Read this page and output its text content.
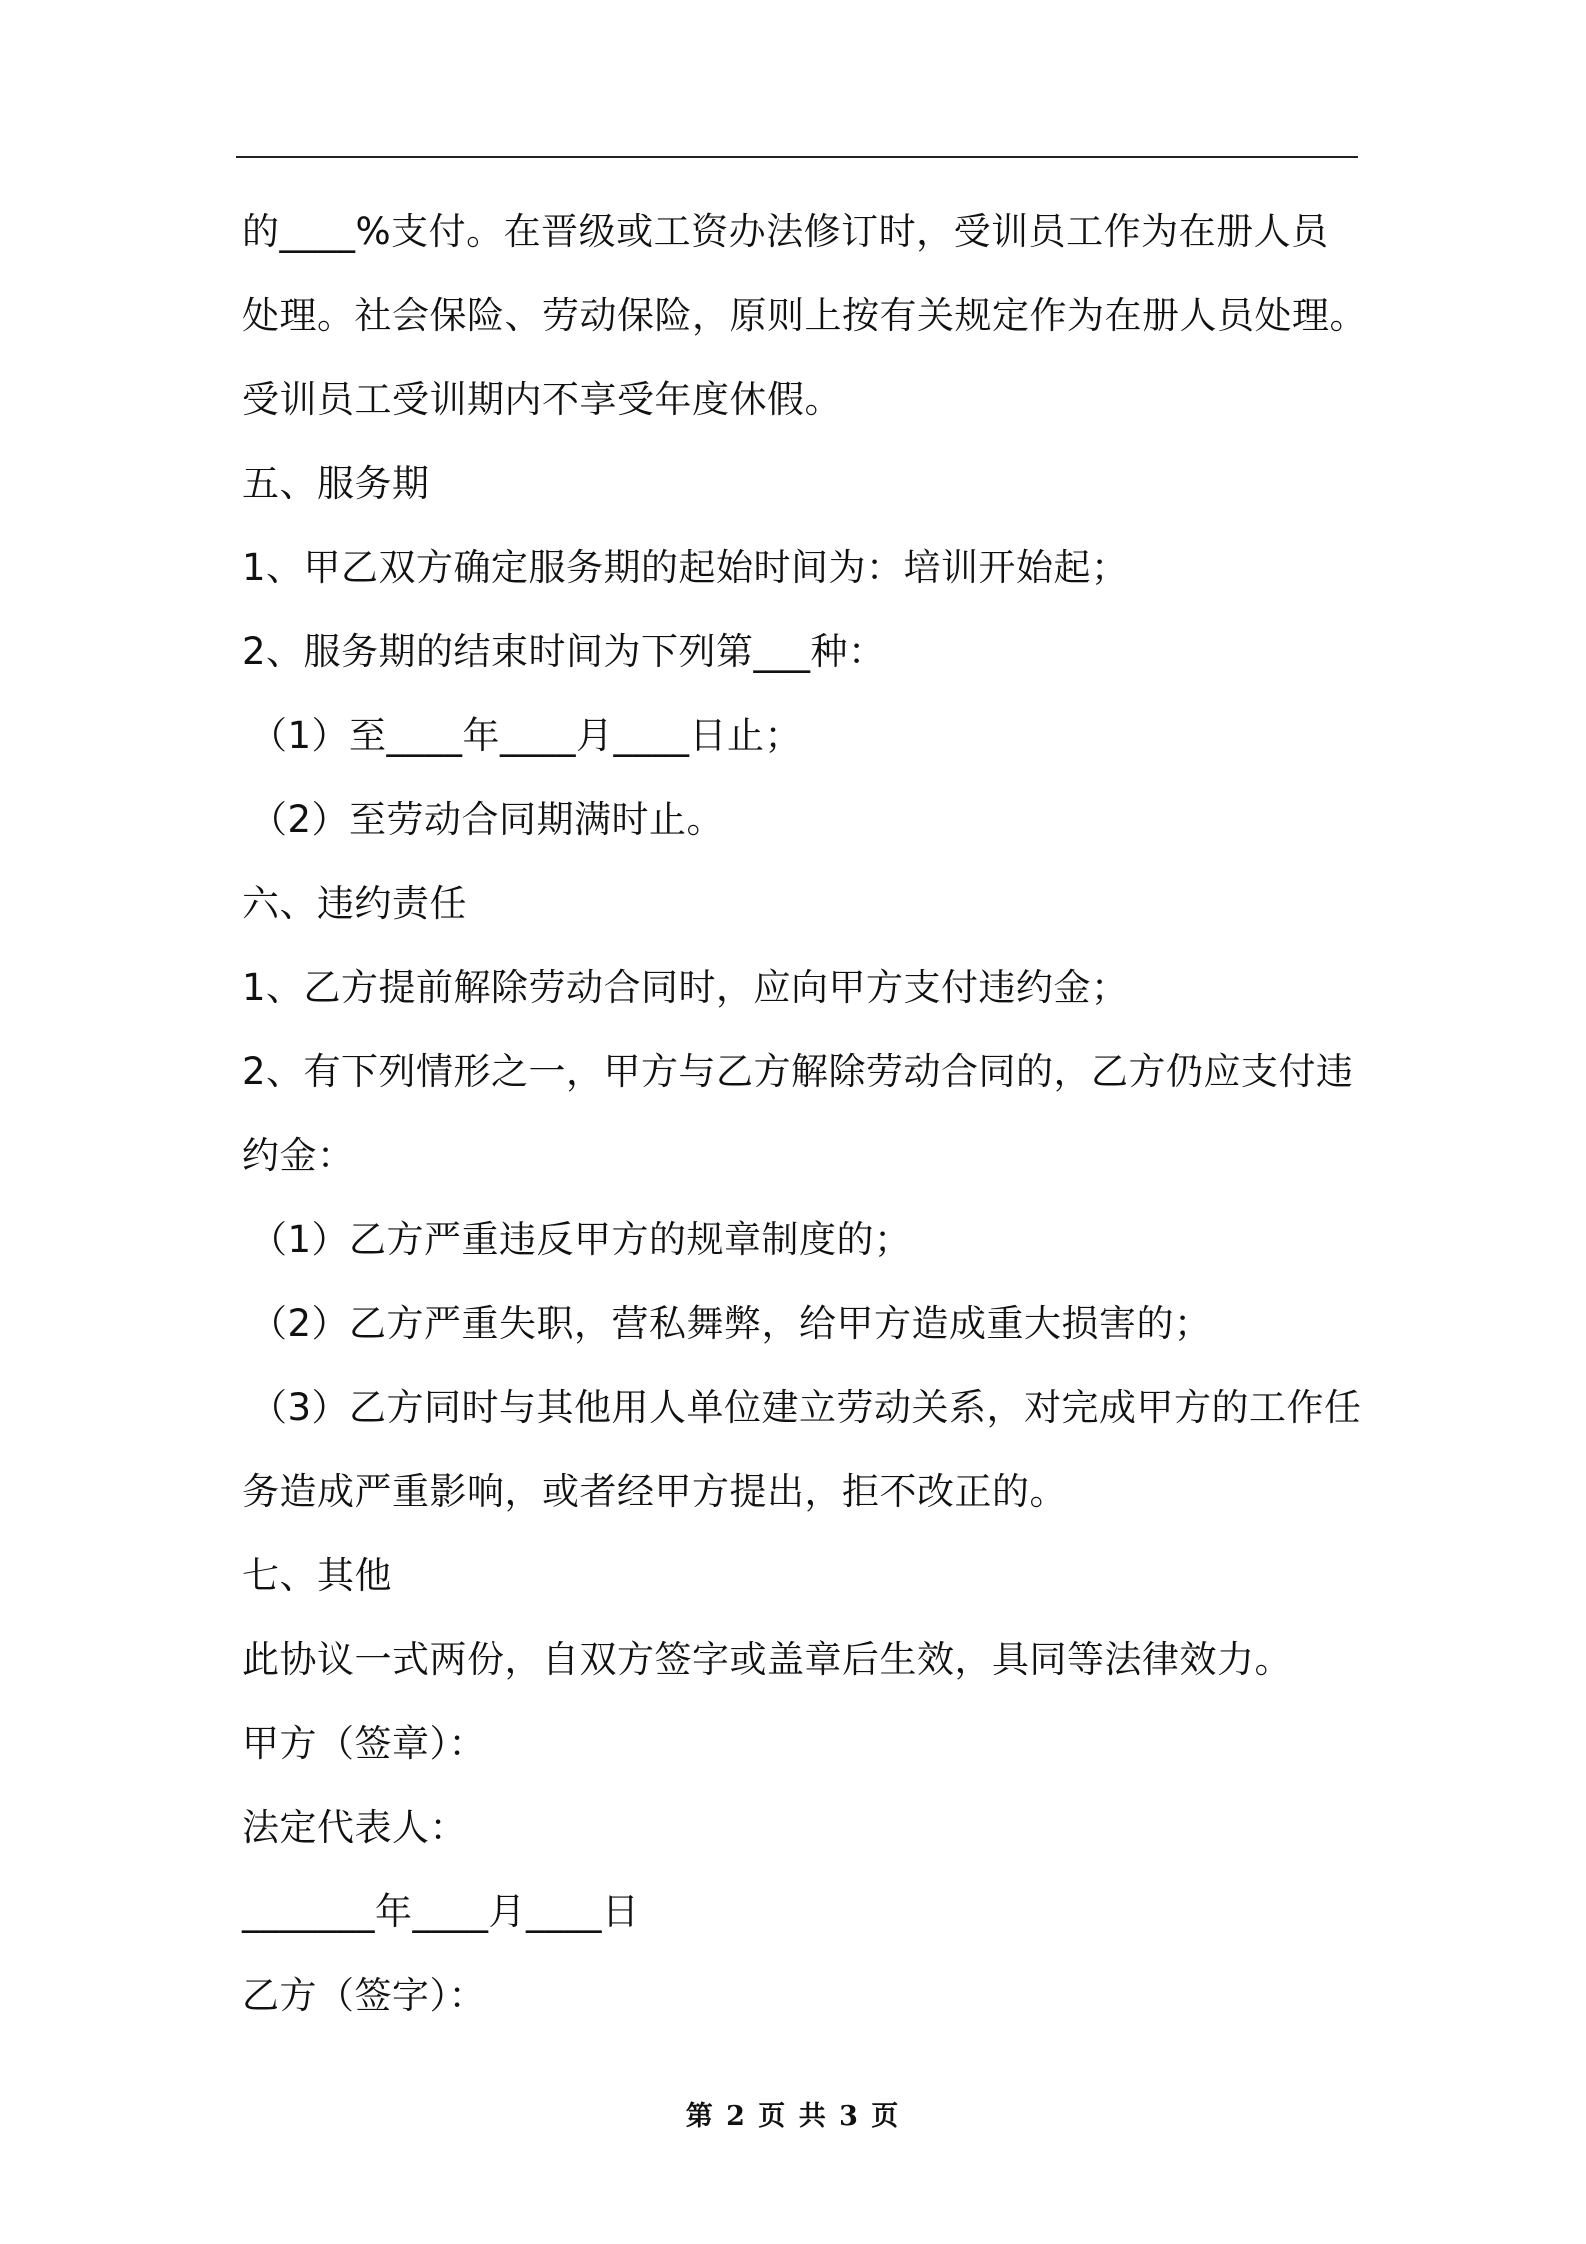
的____%支付。在晋级或工资办法修订时，受训员工作为在册人员
处理。社会保险、劳动保险，原则上按有关规定作为在册人员处理。
受训员工受训期内不享受年度休假。
五、服务期
1、甲乙双方确定服务期的起始时间为：培训开始起；
2、服务期的结束时间为下列第___种：
（1）至____年____月____日止；
（2）至劳动合同期满时止。
六、违约责任
1、乙方提前解除劳动合同时，应向甲方支付违约金；
2、有下列情形之一，甲方与乙方解除劳动合同的，乙方仍应支付违
约金：
（1）乙方严重违反甲方的规章制度的；
（2）乙方严重失职，营私舞弊，给甲方造成重大损害的；
（3）乙方同时与其他用人单位建立劳动关系，对完成甲方的工作任
务造成严重影响，或者经甲方提出，拒不改正的。
七、其他
此协议一式两份，自双方签字或盖章后生效，具同等法律效力。
甲方（签章）：
法定代表人：
_______年____月____日
乙方（签字）：
第 2 页 共 3 页
